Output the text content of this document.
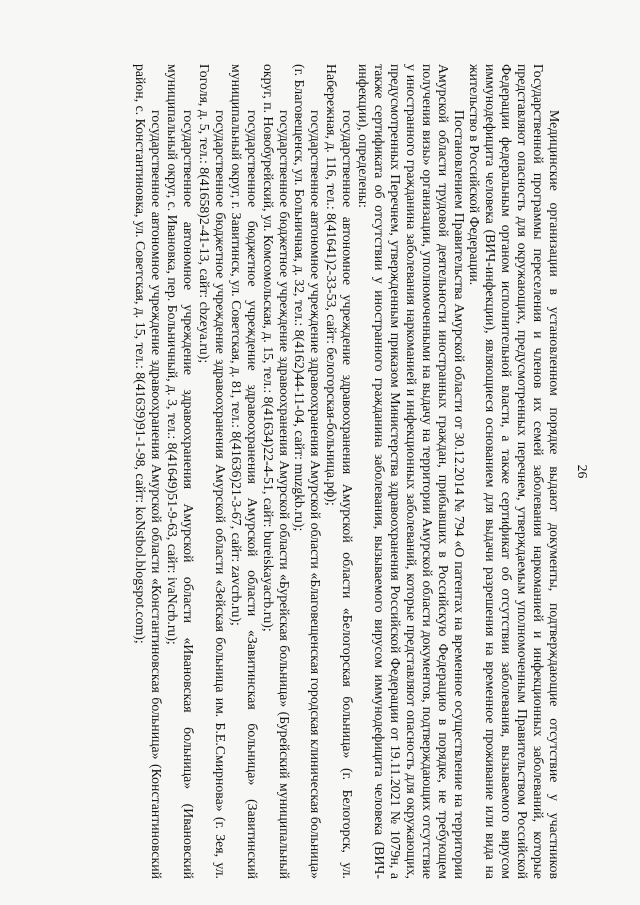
26

Медицинские организации в установленном порядке выдают документы, подтверждающие отсутствие у участников Государственной программы переселения и членов их семей заболевания наркоманией и инфекционных заболеваний, которые представляют опасность для окружающих, предусмотренных перечнем, утверждаемым уполномоченным Правительством Российской Федерации федеральным органом исполнительной власти, а также сертификат об отсутствии заболевания, вызываемого вирусом иммунодефицита человека (ВИЧ-инфекции), являющиеся основанием для выдачи разрешения на временное проживание или вида на жительство в Российской Федерации.

Постановлением Правительства Амурской области от 30.12.2014 № 794 «О патентах на временное осуществление на территории Амурской области трудовой деятельности иностранных граждан, прибывших в Российскую Федерацию в порядке, не требующем получения визы» организации, уполномоченными на выдачу на территории Амурской области документов, подтверждающих отсутствие у иностранного гражданина заболевания наркоманией и инфекционных заболеваний, которые представляют опасность для окружающих, предусмотренных Перечнем, утвержденным приказом Министерства здравоохранения Российской Федерации от 19.11.2021 № 1079н, а также сертификата об отсутствии у иностранного гражданина заболевания, вызываемого вирусом иммунодефицита человека (ВИЧ-инфекции), определены:

государственное автономное учреждение здравоохранения Амурской области «Белогорская больница» (г. Белогорск, ул. Набережная, д. 116, тел.: 8(41641)2-33-53, сайт: белогорская-больница.рф);

государственное автономное учреждение здравоохранения Амурской области «Благовещенская городская клиническая больница» (г. Благовещенск, ул. Больничная, д. 32, тел.: 8(4162)44-11-04, сайт: muzgkb.ru);

государственное бюджетное учреждение здравоохранения Амурской области «Бурейская больница» (Бурейский муниципальный округ, п. Новобурейский, ул. Комсомольская, д. 15, тел.: 8(41634)22-4-51, сайт: bureiskayacrb.ru);

государственное бюджетное учреждение здравоохранения Амурской области «Завитинская больница» (Завитинский муниципальный округ, г. Завитинск, ул. Советская, д. 81, тел.: 8(41636)21-3-67, сайт: zavcrb.ru);

государственное бюджетное учреждение здравоохранения Амурской области «Зейская больница им. Б.Е.Смирнова» (г. Зея, ул. Гоголя, д. 5, тел.: 8(41658)2-41-13, сайт: cbzeya.ru);

государственное автономное учреждение здравоохранения Амурской области «Ивановская больница» (Ивановский муниципальный округ, с. Ивановка, пер. Больничный, д. 3, тел.: 8(41649)51-9-63, сайт: ivaNcrb.ru);

государственное автономное учреждение здравоохранения Амурской области «Константиновская больница» (Константиновский район, с. Константиновка, ул. Советская, д. 15, тел.: 8(41639)91-1-98, сайт: koNstbol.blogspot.com);
